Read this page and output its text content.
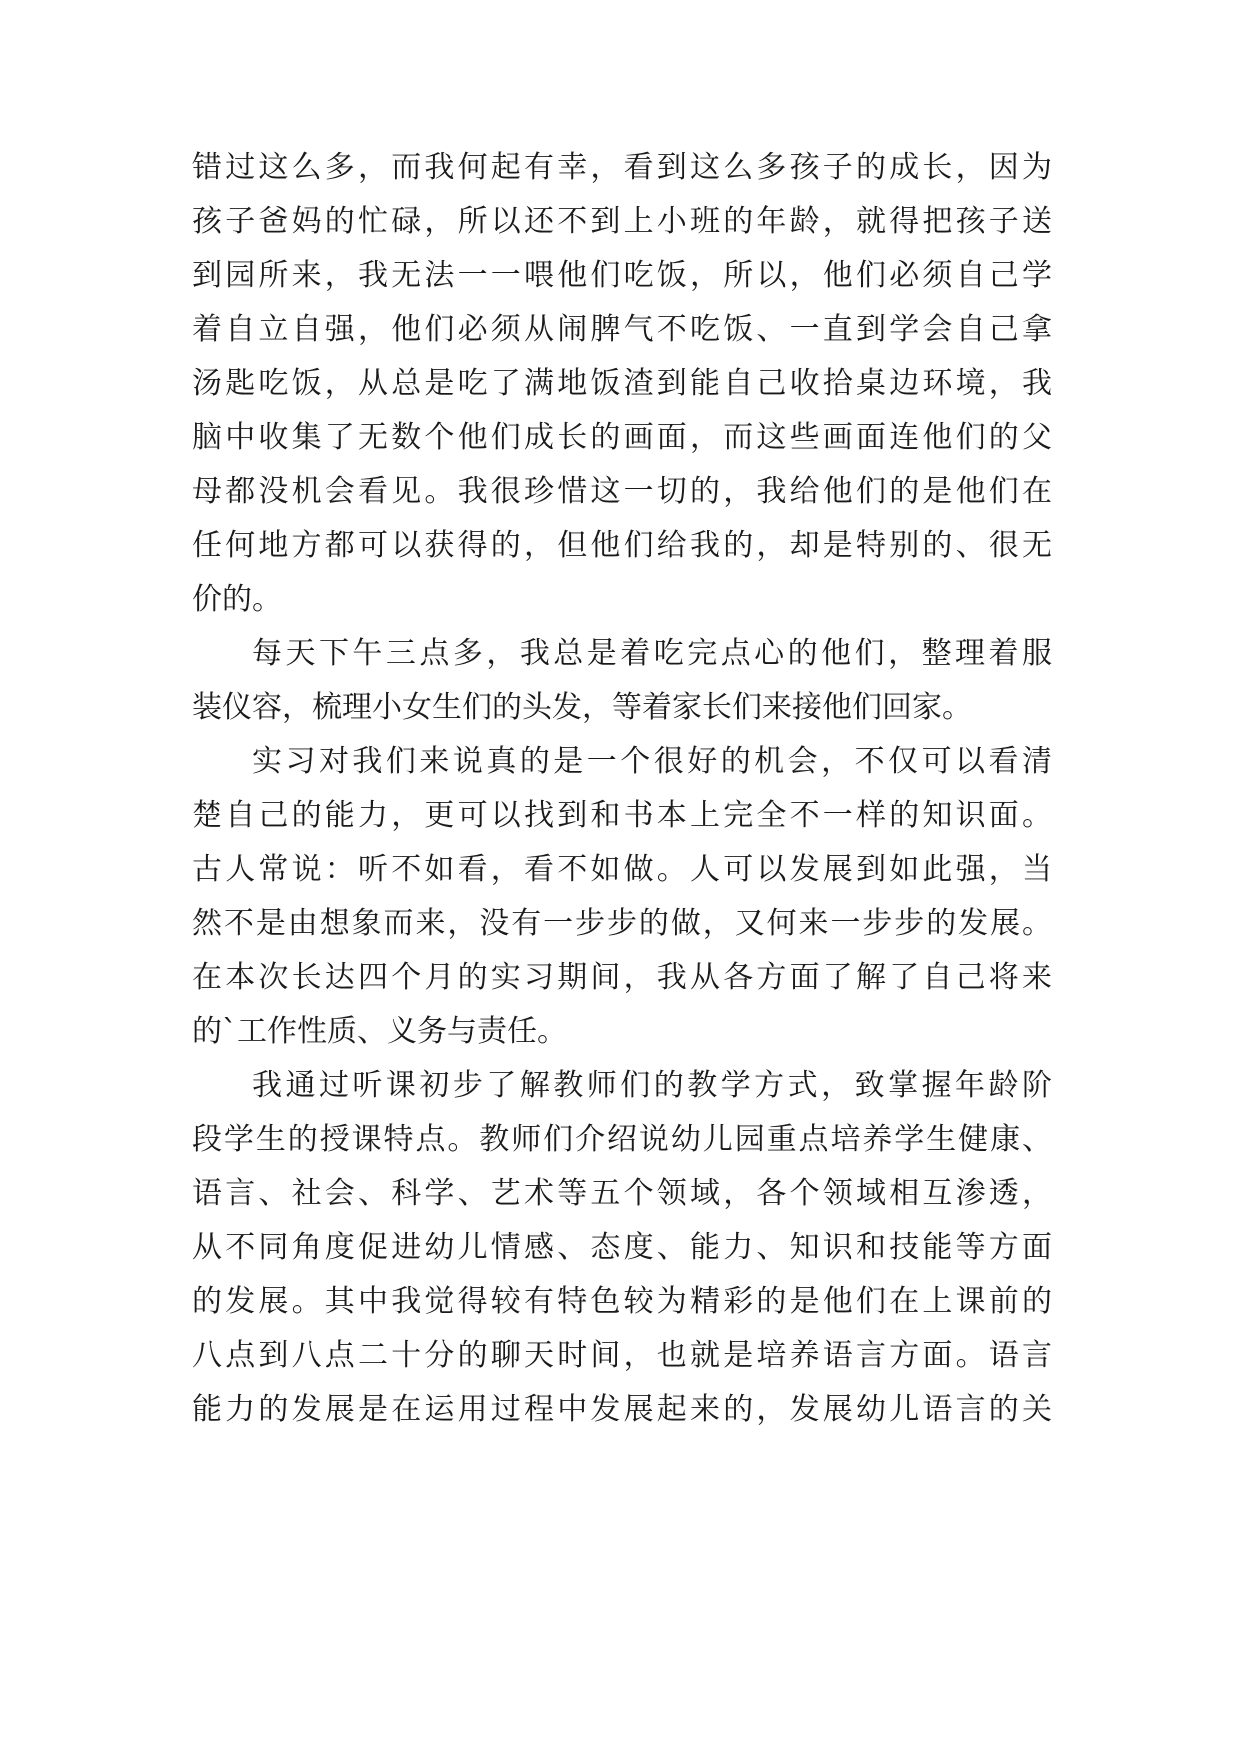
错过这么多，而我何起有幸，看到这么多孩子的成长，因为
孩子爸妈的忙碌，所以还不到上小班的年龄，就得把孩子送
到园所来，我无法一一喂他们吃饭，所以，他们必须自己学
着自立自强，他们必须从闹脾气不吃饭、一直到学会自己拿
汤匙吃饭，从总是吃了满地饭渣到能自己收拾桌边环境，我
脑中收集了无数个他们成长的画面，而这些画面连他们的父
母都没机会看见。我很珍惜这一切的，我给他们的是他们在
任何地方都可以获得的，但他们给我的，却是特别的、很无
价的。
每天下午三点多，我总是着吃完点心的他们，整理着服
装仪容，梳理小女生们的头发，等着家长们来接他们回家。
实习对我们来说真的是一个很好的机会，不仅可以看清
楚自己的能力，更可以找到和书本上完全不一样的知识面。
古人常说：听不如看，看不如做。人可以发展到如此强，当
然不是由想象而来，没有一步步的做，又何来一步步的发展。
在本次长达四个月的实习期间，我从各方面了解了自己将来
的`工作性质、义务与责任。
我通过听课初步了解教师们的教学方式，致掌握年龄阶
段学生的授课特点。教师们介绍说幼儿园重点培养学生健康、
语言、社会、科学、艺术等五个领域，各个领域相互渗透，
从不同角度促进幼儿情感、态度、能力、知识和技能等方面
的发展。其中我觉得较有特色较为精彩的是他们在上课前的
八点到八点二十分的聊天时间，也就是培养语言方面。语言
能力的发展是在运用过程中发展起来的，发展幼儿语言的关
